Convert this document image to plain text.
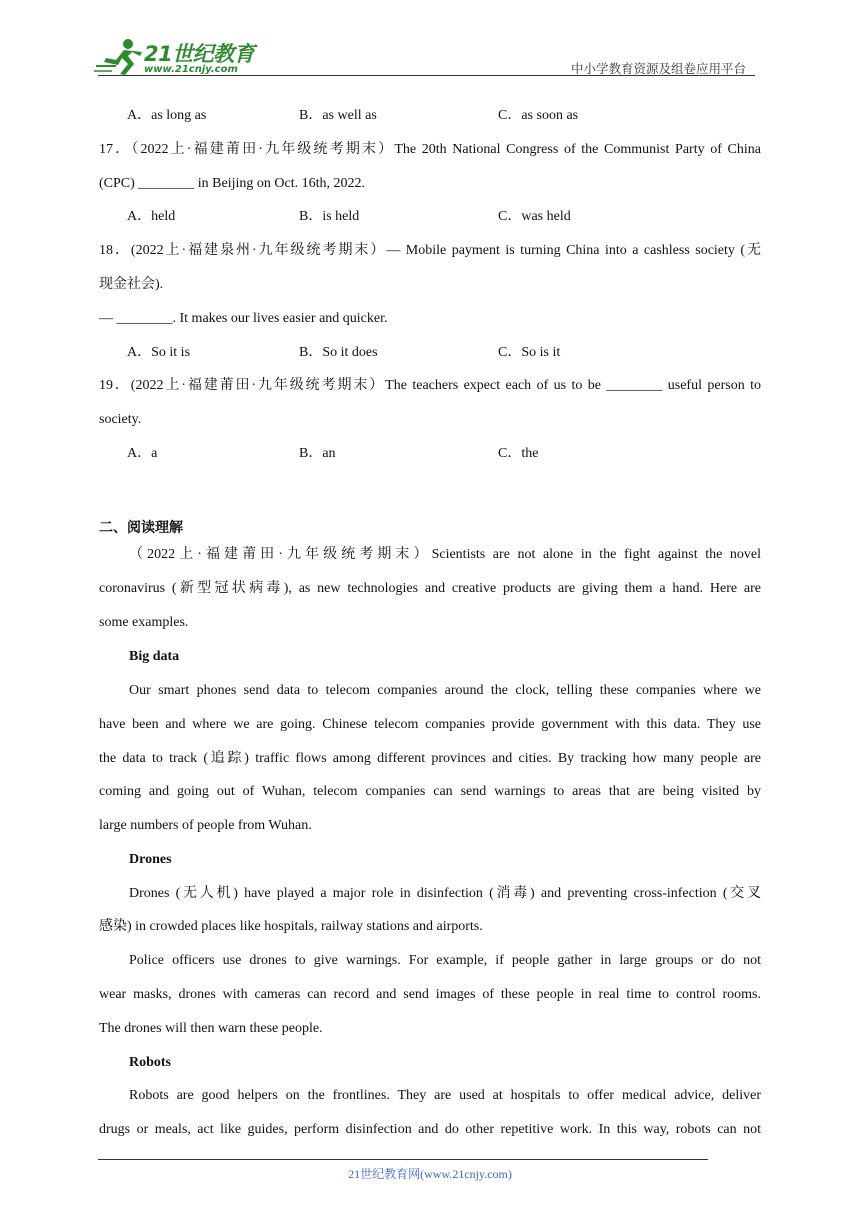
21世纪教育
www.21cnjy.com	中小学教育资源及组卷应用平台
A．as long as	B．as well as	C．as soon as
17．（2022上·福建莆田·九年级统考期末）The 20th National Congress of the Communist Party of China
(CPC) ________ in Beijing on Oct. 16th, 2022.
A．held	B．is held	C．was held
18．(2022上·福建泉州·九年级统考期末）— Mobile payment is turning China into a cashless society (无
现金社会).
— ________. It makes our lives easier and quicker.
A．So it is	B．So it does	C．So is it
19．(2022上·福建莆田·九年级统考期末）The teachers expect each of us to be ________ useful person to
society.
A．a	B．an	C．the
二、阅读理解
（2022上·福建莆田·九年级统考期末）Scientists are not alone in the fight against the novel
coronavirus (新型冠状病毒), as new technologies and creative products are giving them a hand. Here are
some examples.
Big data
Our smart phones send data to telecom companies around the clock, telling these companies where we
have been and where we are going. Chinese telecom companies provide government with this data. They use
the data to track (追踪) traffic flows among different provinces and cities. By tracking how many people are
coming and going out of Wuhan, telecom companies can send warnings to areas that are being visited by
large numbers of people from Wuhan.
Drones
Drones (无人机) have played a major role in disinfection (消毒) and preventing cross-infection (交叉
感染) in crowded places like hospitals, railway stations and airports.
Police officers use drones to give warnings. For example, if people gather in large groups or do not
wear masks, drones with cameras can record and send images of these people in real time to control rooms.
The drones will then warn these people.
Robots
Robots are good helpers on the frontlines. They are used at hospitals to offer medical advice, deliver
drugs or meals, act like guides, perform disinfection and do other repetitive work. In this way, robots can not
21世纪教育网(www.21cnjy.com)
